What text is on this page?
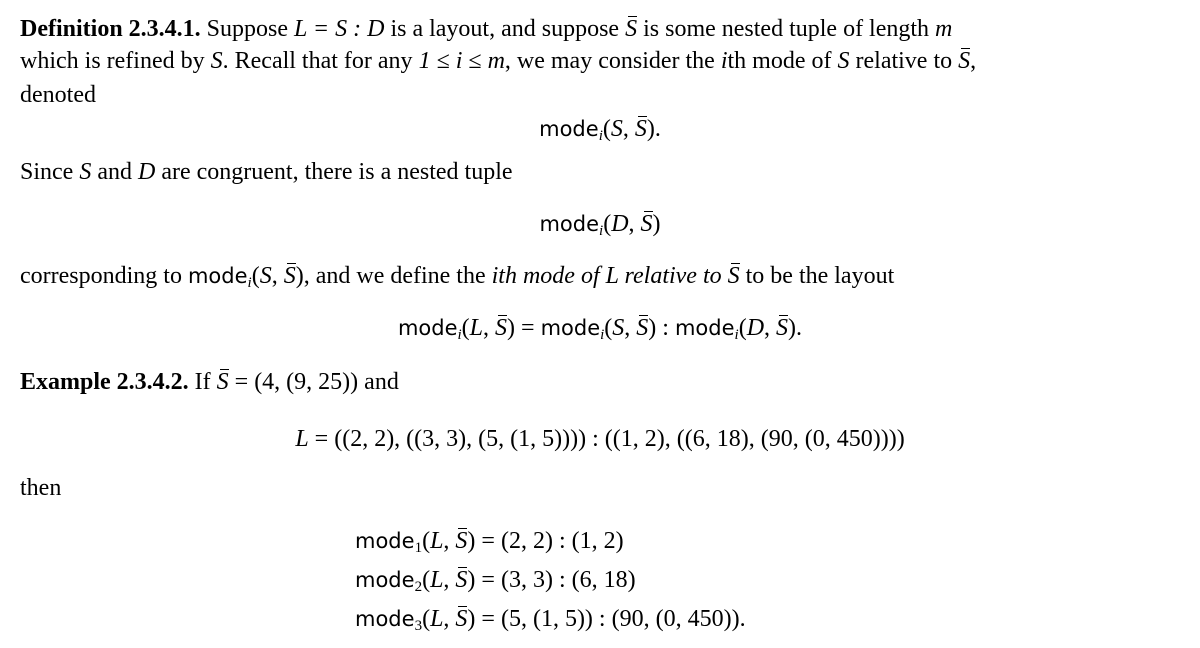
Definition 2.3.4.1. Suppose L = S : D is a layout, and suppose S is some nested tuple of length m
which is refined by S. Recall that for any 1 ≤ i ≤ m, we may consider the ith mode of S relative to S,
denoted
mode$_i$(S, S).
Since S and D are congruent, there is a nested tuple
mode$_i$(D, S)
corresponding to mode$_i$(S, S), and we define the ith mode of L relative to S to be the layout
mode$_i$(L, S) = mode$_i$(S, S) : mode$_i$(D, S).
Example 2.3.4.2. If S = (4, (9, 25)) and
L = ((2, 2), ((3, 3), (5, (1, 5)))) : ((1, 2), ((6, 18), (90, (0, 450))))
then
mode$_1$(L, S) = (2, 2) : (1, 2)
mode$_2$(L, S) = (3, 3) : (6, 18)
mode$_3$(L, S) = (5, (1, 5)) : (90, (0, 450)).
